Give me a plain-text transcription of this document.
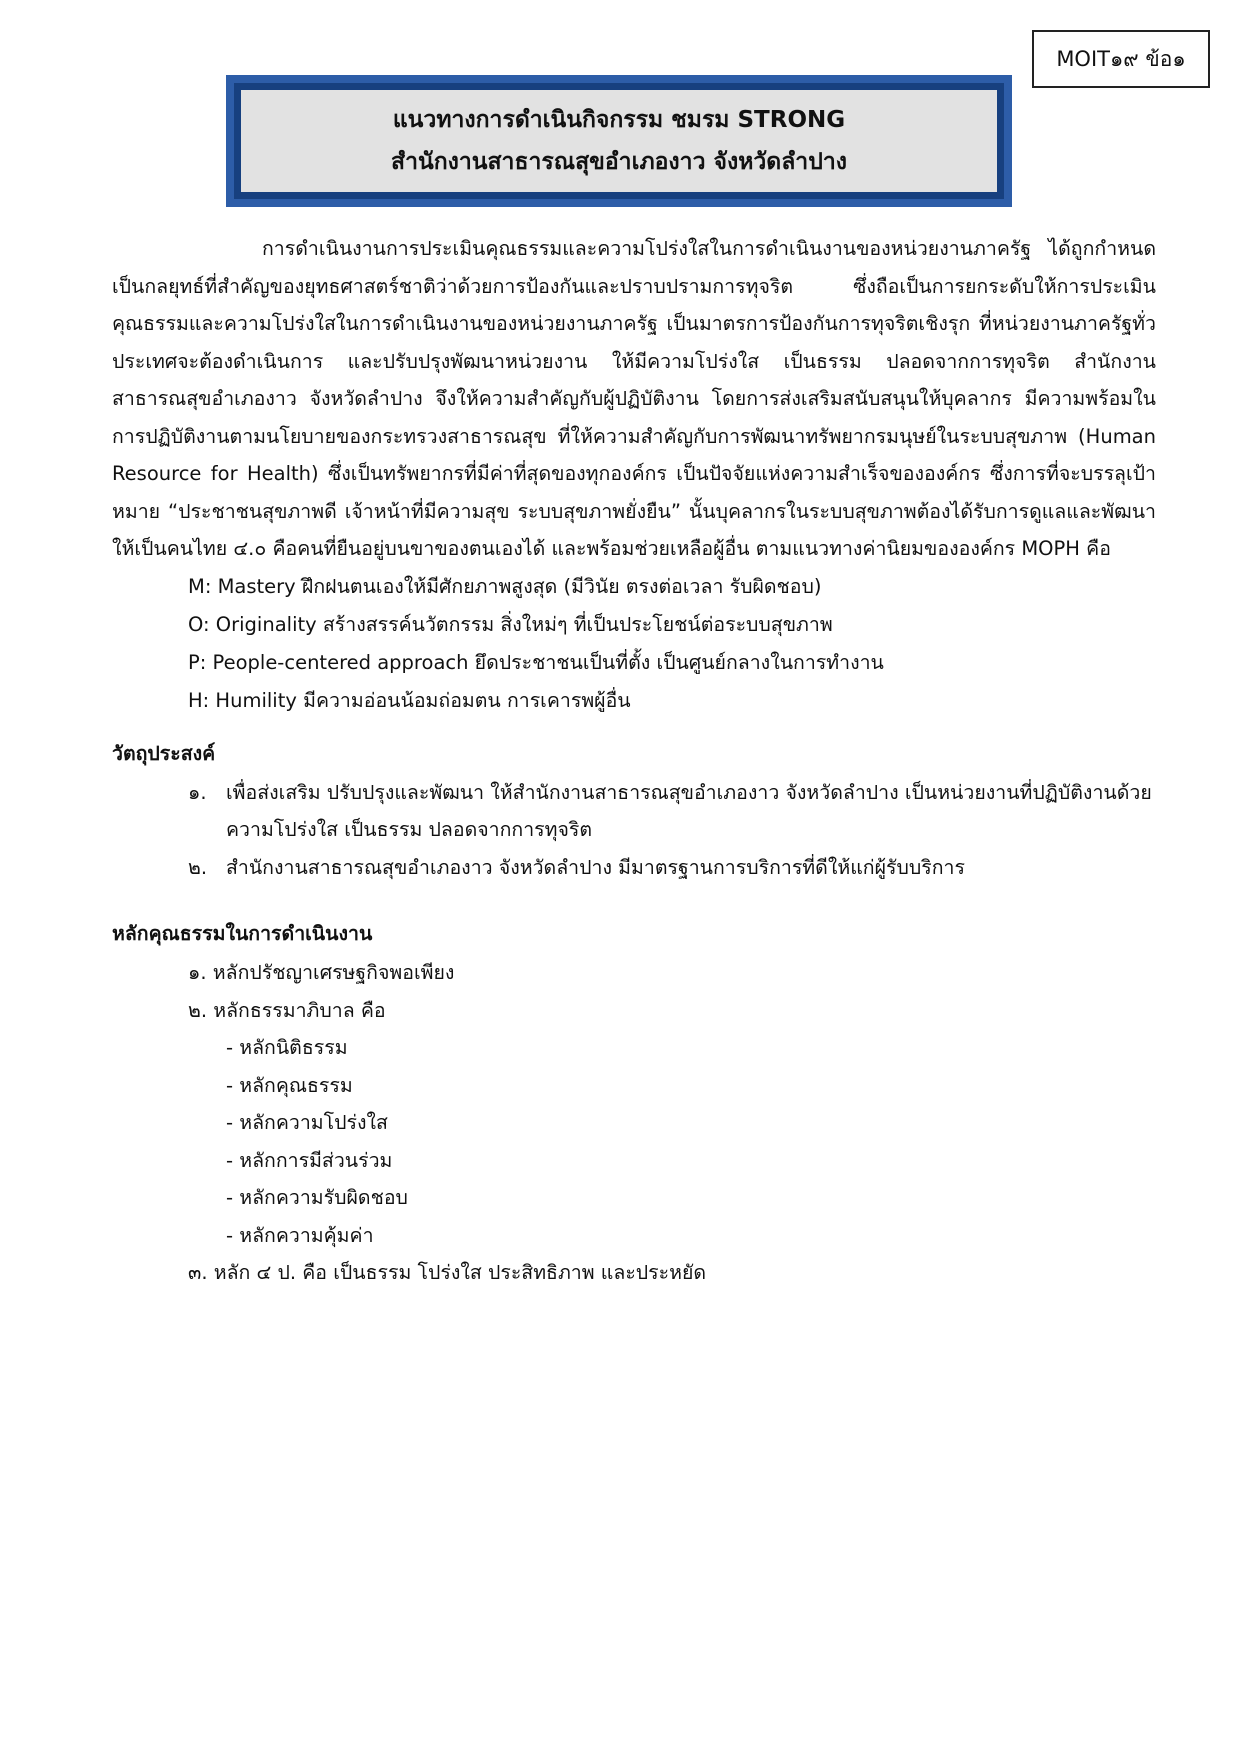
MOIT๑๙ ข้อ๑
แนวทางการดำเนินกิจกรรม ชมรม STRONG
สำนักงานสาธารณสุขอำเภองาว จังหวัดลำปาง

การดำเนินงานการประเมินคุณธรรมและความโปร่งใสในการดำเนินงานของหน่วยงานภาครัฐ ได้ถูกกำหนดเป็นกลยุทธ์ที่สำคัญของยุทธศาสตร์ชาติว่าด้วยการป้องกันและปราบปรามการทุจริต ซึ่งถือเป็นการยกระดับให้การประเมินคุณธรรมและความโปร่งใสในการดำเนินงานของหน่วยงานภาครัฐ เป็นมาตรการป้องกันการทุจริตเชิงรุก ที่หน่วยงานภาครัฐทั่วประเทศจะต้องดำเนินการ และปรับปรุงพัฒนาหน่วยงาน ให้มีความโปร่งใส เป็นธรรม ปลอดจากการทุจริต สำนักงานสาธารณสุขอำเภองาว จังหวัดลำปาง จึงให้ความสำคัญกับผู้ปฏิบัติงาน โดยการส่งเสริมสนับสนุนให้บุคลากร มีความพร้อมในการปฏิบัติงานตามนโยบายของกระทรวงสาธารณสุข ที่ให้ความสำคัญกับการพัฒนาทรัพยากรมนุษย์ในระบบสุขภาพ (Human Resource for Health) ซึ่งเป็นทรัพยากรที่มีค่าที่สุดของทุกองค์กร เป็นปัจจัยแห่งความสำเร็จขององค์กร ซึ่งการที่จะบรรลุเป้าหมาย “ประชาชนสุขภาพดี เจ้าหน้าที่มีความสุข ระบบสุขภาพยั่งยืน” นั้นบุคลากรในระบบสุขภาพต้องได้รับการดูแลและพัฒนาให้เป็นคนไทย ๔.๐ คือคนที่ยืนอยู่บนขาของตนเองได้ และพร้อมช่วยเหลือผู้อื่น ตามแนวทางค่านิยมขององค์กร MOPH คือ

M: Mastery ฝึกฝนตนเองให้มีศักยภาพสูงสุด (มีวินัย ตรงต่อเวลา รับผิดชอบ)
O: Originality สร้างสรรค์นวัตกรรม สิ่งใหม่ๆ ที่เป็นประโยชน์ต่อระบบสุขภาพ
P: People-centered approach ยึดประชาชนเป็นที่ตั้ง เป็นศูนย์กลางในการทำงาน
H: Humility มีความอ่อนน้อมถ่อมตน การเคารพผู้อื่น
วัตถุประสงค์
๑. เพื่อส่งเสริม ปรับปรุงและพัฒนา ให้สำนักงานสาธารณสุขอำเภองาว จังหวัดลำปาง เป็นหน่วยงานที่ปฏิบัติงานด้วยความโปร่งใส เป็นธรรม ปลอดจากการทุจริต
๒. สำนักงานสาธารณสุขอำเภองาว จังหวัดลำปาง มีมาตรฐานการบริการที่ดีให้แก่ผู้รับบริการ
หลักคุณธรรมในการดำเนินงาน
๑. หลักปรัชญาเศรษฐกิจพอเพียง
๒. หลักธรรมาภิบาล คือ
- หลักนิติธรรม
- หลักคุณธรรม
- หลักความโปร่งใส
- หลักการมีส่วนร่วม
- หลักความรับผิดชอบ
- หลักความคุ้มค่า
๓. หลัก ๔ ป. คือ เป็นธรรม โปร่งใส ประสิทธิภาพ และประหยัด
